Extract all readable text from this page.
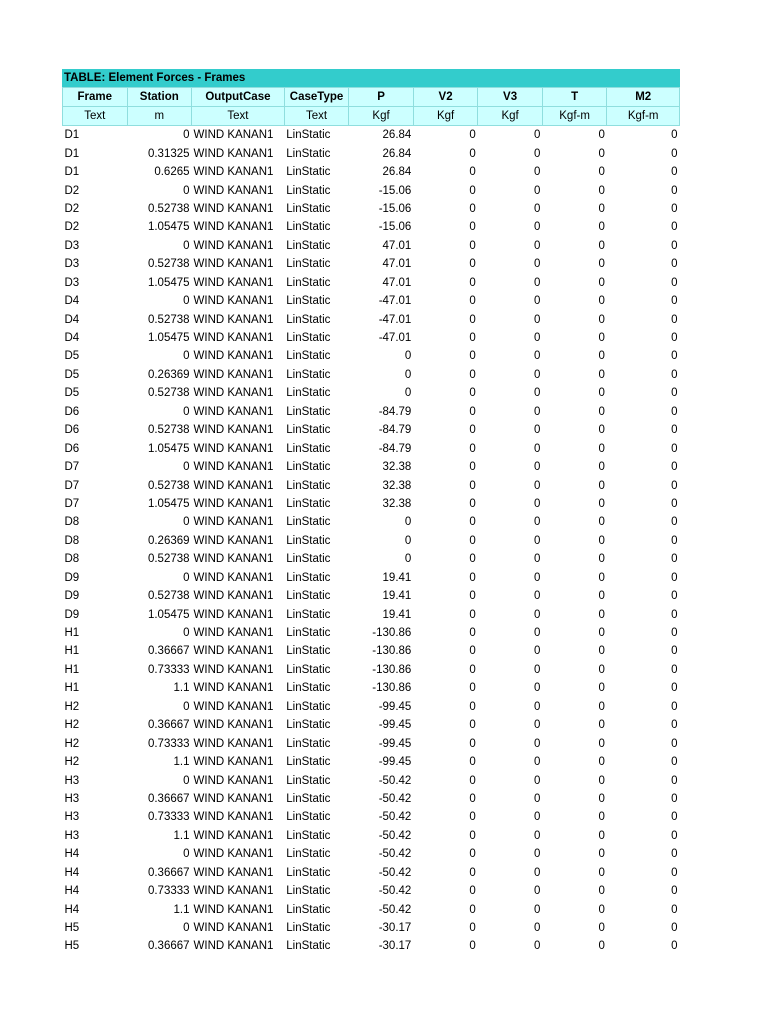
TABLE: Element Forces - Frames
Frame	Station	OutputCase	CaseType	P	V2	V3	T	M2
Text	m	Text	Text	Kgf	Kgf	Kgf	Kgf-m	Kgf-m
D1	0	WIND KANAN1	LinStatic	26.84	0	0	0	0
D1	0.31325	WIND KANAN1	LinStatic	26.84	0	0	0	0
D1	0.6265	WIND KANAN1	LinStatic	26.84	0	0	0	0
D2	0	WIND KANAN1	LinStatic	-15.06	0	0	0	0
D2	0.52738	WIND KANAN1	LinStatic	-15.06	0	0	0	0
D2	1.05475	WIND KANAN1	LinStatic	-15.06	0	0	0	0
D3	0	WIND KANAN1	LinStatic	47.01	0	0	0	0
D3	0.52738	WIND KANAN1	LinStatic	47.01	0	0	0	0
D3	1.05475	WIND KANAN1	LinStatic	47.01	0	0	0	0
D4	0	WIND KANAN1	LinStatic	-47.01	0	0	0	0
D4	0.52738	WIND KANAN1	LinStatic	-47.01	0	0	0	0
D4	1.05475	WIND KANAN1	LinStatic	-47.01	0	0	0	0
D5	0	WIND KANAN1	LinStatic	0	0	0	0	0
D5	0.26369	WIND KANAN1	LinStatic	0	0	0	0	0
D5	0.52738	WIND KANAN1	LinStatic	0	0	0	0	0
D6	0	WIND KANAN1	LinStatic	-84.79	0	0	0	0
D6	0.52738	WIND KANAN1	LinStatic	-84.79	0	0	0	0
D6	1.05475	WIND KANAN1	LinStatic	-84.79	0	0	0	0
D7	0	WIND KANAN1	LinStatic	32.38	0	0	0	0
D7	0.52738	WIND KANAN1	LinStatic	32.38	0	0	0	0
D7	1.05475	WIND KANAN1	LinStatic	32.38	0	0	0	0
D8	0	WIND KANAN1	LinStatic	0	0	0	0	0
D8	0.26369	WIND KANAN1	LinStatic	0	0	0	0	0
D8	0.52738	WIND KANAN1	LinStatic	0	0	0	0	0
D9	0	WIND KANAN1	LinStatic	19.41	0	0	0	0
D9	0.52738	WIND KANAN1	LinStatic	19.41	0	0	0	0
D9	1.05475	WIND KANAN1	LinStatic	19.41	0	0	0	0
H1	0	WIND KANAN1	LinStatic	-130.86	0	0	0	0
H1	0.36667	WIND KANAN1	LinStatic	-130.86	0	0	0	0
H1	0.73333	WIND KANAN1	LinStatic	-130.86	0	0	0	0
H1	1.1	WIND KANAN1	LinStatic	-130.86	0	0	0	0
H2	0	WIND KANAN1	LinStatic	-99.45	0	0	0	0
H2	0.36667	WIND KANAN1	LinStatic	-99.45	0	0	0	0
H2	0.73333	WIND KANAN1	LinStatic	-99.45	0	0	0	0
H2	1.1	WIND KANAN1	LinStatic	-99.45	0	0	0	0
H3	0	WIND KANAN1	LinStatic	-50.42	0	0	0	0
H3	0.36667	WIND KANAN1	LinStatic	-50.42	0	0	0	0
H3	0.73333	WIND KANAN1	LinStatic	-50.42	0	0	0	0
H3	1.1	WIND KANAN1	LinStatic	-50.42	0	0	0	0
H4	0	WIND KANAN1	LinStatic	-50.42	0	0	0	0
H4	0.36667	WIND KANAN1	LinStatic	-50.42	0	0	0	0
H4	0.73333	WIND KANAN1	LinStatic	-50.42	0	0	0	0
H4	1.1	WIND KANAN1	LinStatic	-50.42	0	0	0	0
H5	0	WIND KANAN1	LinStatic	-30.17	0	0	0	0
H5	0.36667	WIND KANAN1	LinStatic	-30.17	0	0	0	0
